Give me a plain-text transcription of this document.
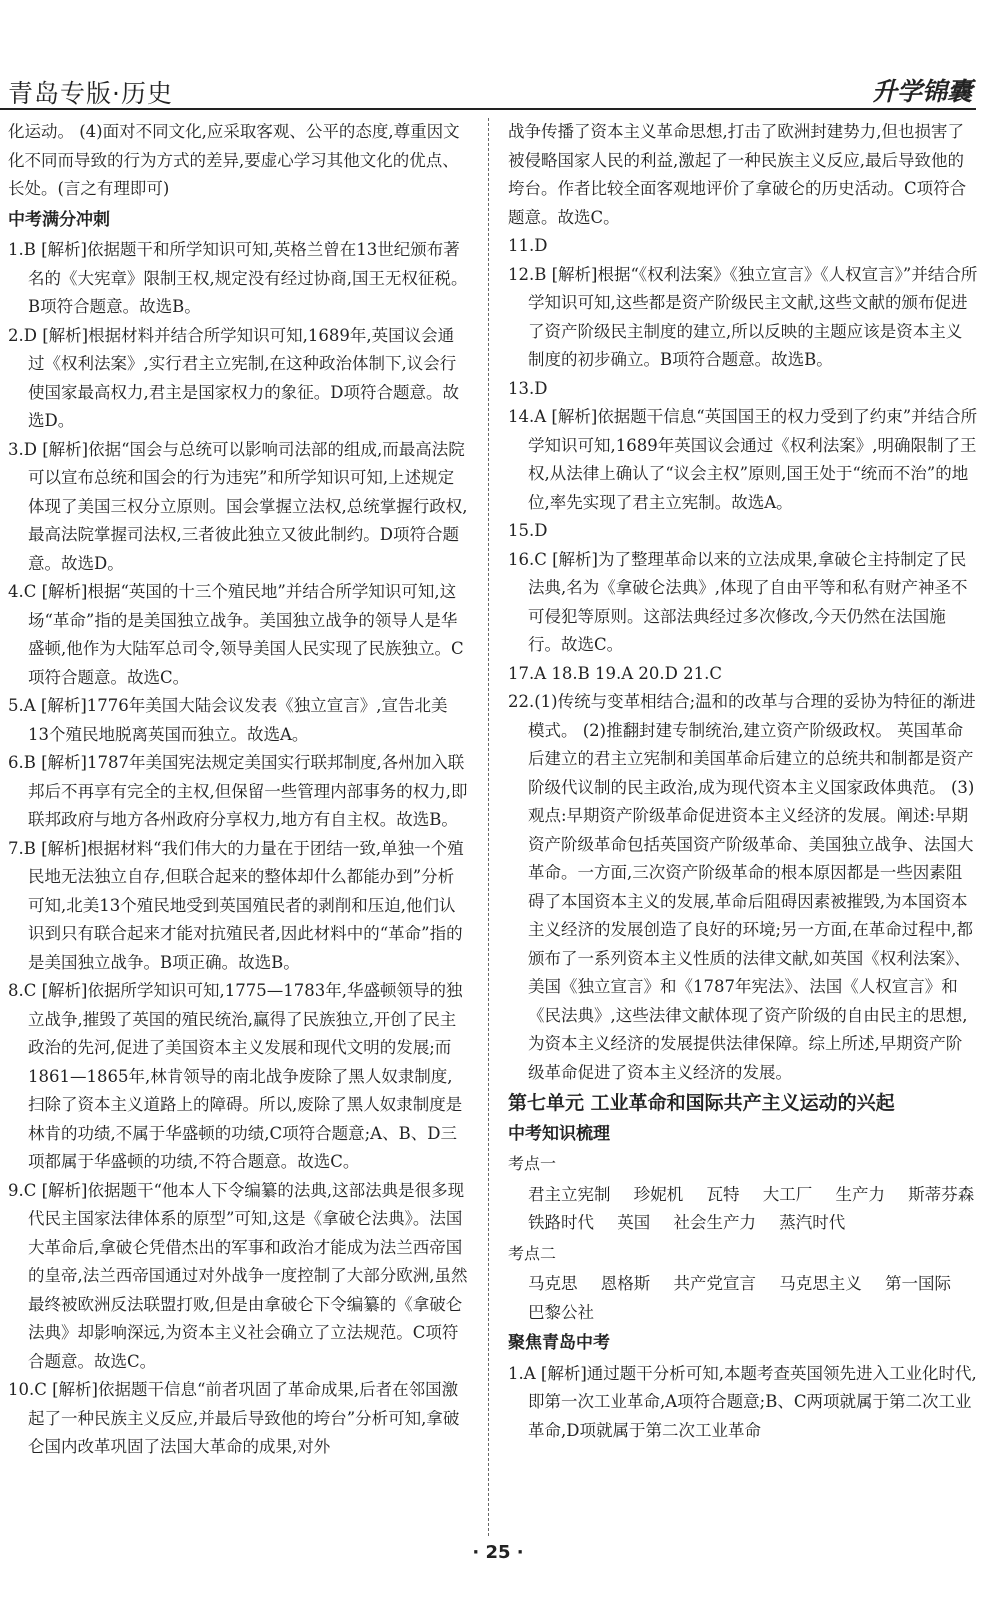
青岛专版·历史	升学锦囊

化运动。 (4)面对不同文化,应采取客观、公平的态度,尊重因文化不同而导致的行为方式的差异,要虚心学习其他文化的优点、长处。(言之有理即可)

中考满分冲刺

1.B [解析]依据题干和所学知识可知,英格兰曾在13世纪颁布著名的《大宪章》限制王权,规定没有经过协商,国王无权征税。B项符合题意。故选B。

2.D [解析]根据材料并结合所学知识可知,1689年,英国议会通过《权利法案》,实行君主立宪制,在这种政治体制下,议会行使国家最高权力,君主是国家权力的象征。D项符合题意。故选D。

3.D [解析]依据“国会与总统可以影响司法部的组成,而最高法院可以宣布总统和国会的行为违宪”和所学知识可知,上述规定体现了美国三权分立原则。国会掌握立法权,总统掌握行政权,最高法院掌握司法权,三者彼此独立又彼此制约。D项符合题意。故选D。

4.C [解析]根据“英国的十三个殖民地”并结合所学知识可知,这场“革命”指的是美国独立战争。美国独立战争的领导人是华盛顿,他作为大陆军总司令,领导美国人民实现了民族独立。C项符合题意。故选C。

5.A [解析]1776年美国大陆会议发表《独立宣言》,宣告北美13个殖民地脱离英国而独立。故选A。

6.B [解析]1787年美国宪法规定美国实行联邦制度,各州加入联邦后不再享有完全的主权,但保留一些管理内部事务的权力,即联邦政府与地方各州政府分享权力,地方有自主权。故选B。

7.B [解析]根据材料“我们伟大的力量在于团结一致,单独一个殖民地无法独立自存,但联合起来的整体却什么都能办到”分析可知,北美13个殖民地受到英国殖民者的剥削和压迫,他们认识到只有联合起来才能对抗殖民者,因此材料中的“革命”指的是美国独立战争。B项正确。故选B。

8.C [解析]依据所学知识可知,1775—1783年,华盛顿领导的独立战争,摧毁了英国的殖民统治,赢得了民族独立,开创了民主政治的先河,促进了美国资本主义发展和现代文明的发展;而1861—1865年,林肯领导的南北战争废除了黑人奴隶制度,扫除了资本主义道路上的障碍。所以,废除了黑人奴隶制度是林肯的功绩,不属于华盛顿的功绩,C项符合题意;A、B、D三项都属于华盛顿的功绩,不符合题意。故选C。

9.C [解析]依据题干“他本人下令编纂的法典,这部法典是很多现代民主国家法律体系的原型”可知,这是《拿破仑法典》。法国大革命后,拿破仑凭借杰出的军事和政治才能成为法兰西帝国的皇帝,法兰西帝国通过对外战争一度控制了大部分欧洲,虽然最终被欧洲反法联盟打败,但是由拿破仑下令编纂的《拿破仑法典》却影响深远,为资本主义社会确立了立法规范。C项符合题意。故选C。

10.C [解析]依据题干信息“前者巩固了革命成果,后者在邻国激起了一种民族主义反应,并最后导致他的垮台”分析可知,拿破仑国内改革巩固了法国大革命的成果,对外

战争传播了资本主义革命思想,打击了欧洲封建势力,但也损害了被侵略国家人民的利益,激起了一种民族主义反应,最后导致他的垮台。作者比较全面客观地评价了拿破仑的历史活动。C项符合题意。故选C。

11.D

12.B [解析]根据“《权利法案》《独立宣言》《人权宣言》”并结合所学知识可知,这些都是资产阶级民主文献,这些文献的颁布促进了资产阶级民主制度的建立,所以反映的主题应该是资本主义制度的初步确立。B项符合题意。故选B。

13.D

14.A [解析]依据题干信息“英国国王的权力受到了约束”并结合所学知识可知,1689年英国议会通过《权利法案》,明确限制了王权,从法律上确认了“议会主权”原则,国王处于“统而不治”的地位,率先实现了君主立宪制。故选A。

15.D

16.C [解析]为了整理革命以来的立法成果,拿破仑主持制定了民法典,名为《拿破仑法典》,体现了自由平等和私有财产神圣不可侵犯等原则。这部法典经过多次修改,今天仍然在法国施行。故选C。

17.A 18.B 19.A 20.D 21.C

22.(1)传统与变革相结合;温和的改革与合理的妥协为特征的渐进模式。 (2)推翻封建专制统治,建立资产阶级政权。 英国革命后建立的君主立宪制和美国革命后建立的总统共和制都是资产阶级代议制的民主政治,成为现代资本主义国家政体典范。 (3)观点:早期资产阶级革命促进资本主义经济的发展。阐述:早期资产阶级革命包括英国资产阶级革命、美国独立战争、法国大革命。一方面,三次资产阶级革命的根本原因都是一些因素阻碍了本国资本主义的发展,革命后阻碍因素被摧毁,为本国资本主义经济的发展创造了良好的环境;另一方面,在革命过程中,都颁布了一系列资本主义性质的法律文献,如英国《权利法案》、美国《独立宣言》和《1787年宪法》、法国《人权宣言》和《民法典》,这些法律文献体现了资产阶级的自由民主的思想,为资本主义经济的发展提供法律保障。综上所述,早期资产阶级革命促进了资本主义经济的发展。

第七单元 工业革命和国际共产主义运动的兴起

中考知识梳理

考点一

君主立宪制 珍妮机 瓦特 大工厂 生产力 斯蒂芬森 铁路时代 英国 社会生产力 蒸汽时代

考点二

马克思 恩格斯 共产党宣言 马克思主义 第一国际 巴黎公社

聚焦青岛中考

1.A [解析]通过题干分析可知,本题考查英国领先进入工业化时代,即第一次工业革命,A项符合题意;B、C两项就属于第二次工业革命,D项就属于第二次工业革命

· 25 ·
